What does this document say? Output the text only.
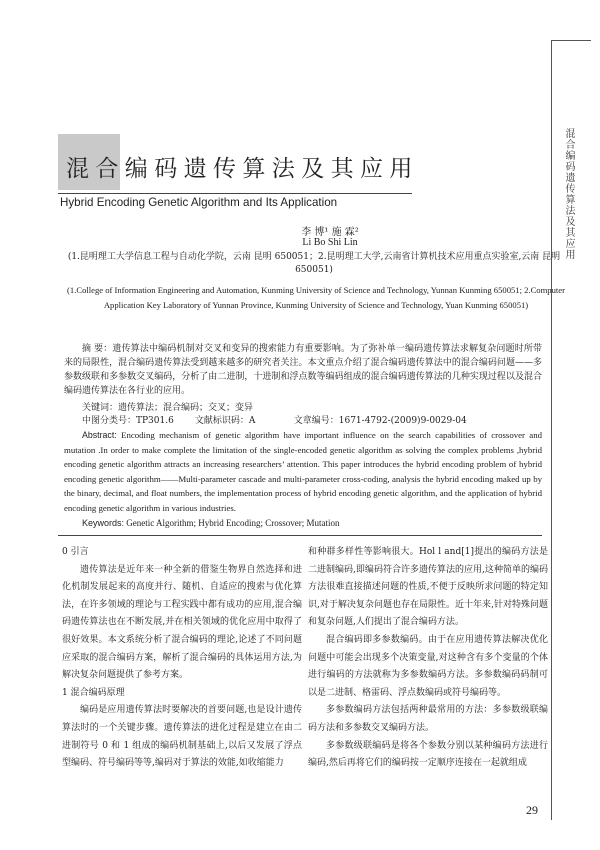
混合编码遗传算法及其应用
混合编码遗传算法及其应用
Hybrid Encoding Genetic Algorithm and Its Application
李 博¹ 施 霖²
Li Bo Shi Lin
(1.昆明理工大学信息工程与自动化学院，云南 昆明 650051；2.昆明理工大学,云南省计算机技术应用重点实验室,云南 昆明 650051)
(1.College of Information Engineering and Automation, Kunming University of Science and Technology, Yunnan Kunming 650051; 2.Computer Application Key Laboratory of Yunnan Province, Kunming University of Science and Technology, Yuan Kunming 650051)
摘 要：遗传算法中编码机制对交叉和变异的搜索能力有重要影响。为了弥补单一编码遗传算法求解复杂问题时所带来的局限性，混合编码遗传算法受到越来越多的研究者关注。本文重点介绍了混合编码遗传算法中的混合编码问题——多参数级联和多参数交叉编码，分析了由二进制，十进制和浮点数等编码组成的混合编码遗传算法的几种实现过程以及混合编码遗传算法在各行业的应用。
关键词：遗传算法；混合编码；交叉；变异
中图分类号：TP301.6 文献标识码：A	文章编号：1671-4792-(2009)9-0029-04
Abstract: Encoding mechanism of genetic algorithm have important influence on the search capabilities of crossover and mutation .In order to make complete the limitation of the single-encoded genetic algorithm as solving the complex problems ,hybrid encoding genetic algorithm attracts an increasing researchers’ attention. This paper introduces the hybrid encoding problem of hybrid encoding genetic algorithm——Multi-parameter cascade and multi-parameter cross-coding, analysis the hybrid encoding maked up by the binary, decimal, and float numbers, the implementation process of hybrid encoding genetic algorithm, and the application of hybrid encoding genetic algorithm in various industries.
Keywords: Genetic Algorithm; Hybrid Encoding; Crossover; Mutation

0 引言

遗传算法是近年来一种全新的借鉴生物界自然选择和进化机制发展起来的高度并行、随机、自适应的搜索与优化算法，在许多领域的理论与工程实践中都有成功的应用,混合编码遗传算法也在不断发展,并在相关领域的优化应用中取得了很好效果。本文系统分析了混合编码的理论,论述了不同问题应采取的混合编码方案，解析了混合编码的具体运用方法,为解决复杂问题提供了参考方案。

1 混合编码原理

编码是应用遗传算法时要解决的首要问题,也是设计遗传算法时的一个关键步骤。遗传算法的进化过程是建立在由二进制符号 0 和 1 组成的编码机制基础上,以后又发展了浮点型编码、符号编码等等,编码对于算法的效能,如收缩能力

和种群多样性等影响很大。Hol l and[1]提出的编码方法是二进制编码,即编码符合许多遗传算法的应用,这种简单的编码方法很难直接描述问题的性质,不便于反映所求问题的特定知识,对于解决复杂问题也存在局限性。近十年来,针对特殊问题和复杂问题,人们提出了混合编码方法。

混合编码即多参数编码。由于在应用遗传算法解决优化问题中可能会出现多个决策变量,对这种含有多个变量的个体进行编码的方法就称为多参数编码方法。多参数编码码制可以是二进制、格雷码、浮点数编码或符号编码等。

多参数编码方法包括两种最常用的方法：多参数级联编码方法和多参数交叉编码方法。

多参数级联编码是将各个参数分别以某种编码方法进行编码,然后再将它们的编码按一定顺序连接在一起就组成

29
